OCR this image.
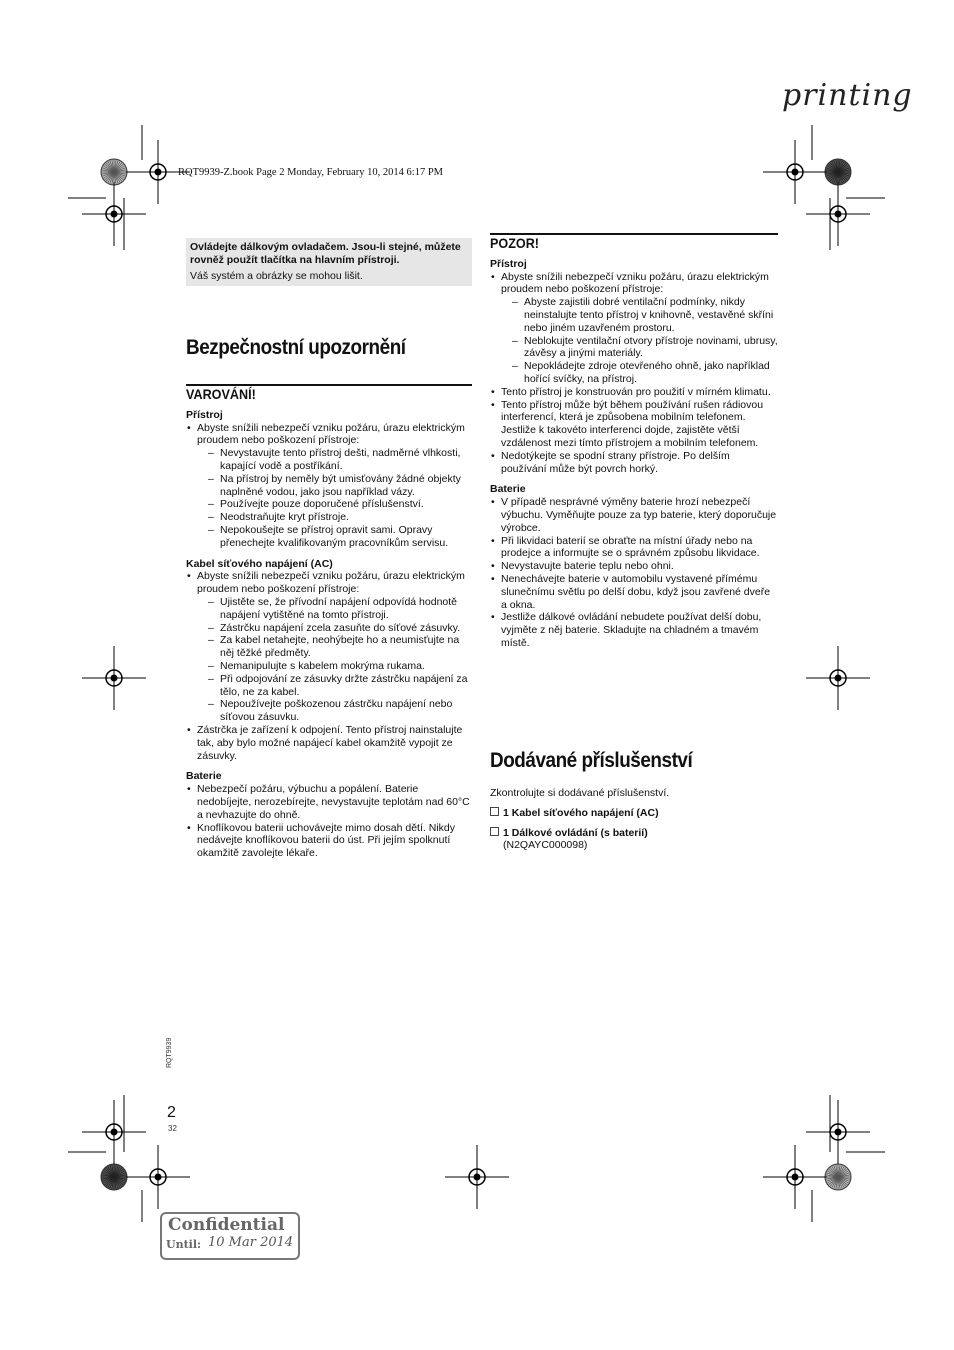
printing
RQT9939-Z.book Page 2 Monday, February 10, 2014 6:17 PM
Ovládejte dálkovým ovladačem. Jsou-li stejné, můžete rovněž použít tlačítka na hlavním přístroji.
Váš systém a obrázky se mohou lišit.
Bezpečnostní upozornění
VAROVÁNÍ!
Přístroj
• Abyste snížili nebezpečí vzniku požáru, úrazu elektrickým proudem nebo poškození přístroje:
– Nevystavujte tento přístroj dešti, nadměrné vlhkosti, kapající vodě a postříkání.
– Na přístroj by neměly být umisťovány žádné objekty naplněné vodou, jako jsou například vázy.
– Používejte pouze doporučené příslušenství.
– Neodstraňujte kryt přístroje.
– Nepokoušejte se přístroj opravit sami. Opravy přenechejte kvalifikovaným pracovníkům servisu.
Kabel síťového napájení (AC)
• Abyste snížili nebezpečí vzniku požáru, úrazu elektrickým proudem nebo poškození přístroje:
– Ujistěte se, že přívodní napájení odpovídá hodnotě napájení vytištěné na tomto přístroji.
– Zástrčku napájení zcela zasuňte do síťové zásuvky.
– Za kabel netahejte, neohýbejte ho a neumisťujte na něj těžké předměty.
– Nemanipulujte s kabelem mokrýma rukama.
– Při odpojování ze zásuvky držte zástrčku napájení za tělo, ne za kabel.
– Nepoužívejte poškozenou zástrčku napájení nebo síťovou zásuvku.
• Zástrčka je zařízení k odpojení. Tento přístroj nainstalujte tak, aby bylo možné napájecí kabel okamžitě vypojit ze zásuvky.
Baterie
• Nebezpečí požáru, výbuchu a popálení. Baterie nedobíjejte, nerozebírejte, nevystavujte teplotám nad 60°C a nevhazujte do ohně.
• Knoflíkovou baterii uchovávejte mimo dosah dětí. Nikdy nedávejte knoflíkovou baterii do úst. Při jejím spolknutí okamžitě zavolejte lékaře.
POZOR!
Přístroj
• Abyste snížili nebezpečí vzniku požáru, úrazu elektrickým proudem nebo poškození přístroje:
– Abyste zajistili dobré ventilační podmínky, nikdy neinstalujte tento přístroj v knihovně, vestavěné skříni nebo jiném uzavřeném prostoru.
– Neblokujte ventilační otvory přístroje novinami, ubrusy, závěsy a jinými materiály.
– Nepokládejte zdroje otevřeného ohně, jako například hořící svíčky, na přístroj.
• Tento přístroj je konstruován pro použití v mírném klimatu.
• Tento přístroj může být během používání rušen rádiovou interferencí, která je způsobena mobilním telefonem. Jestliže k takovéto interferenci dojde, zajistěte větší vzdálenost mezi tímto přístrojem a mobilním telefonem.
• Nedotýkejte se spodní strany přístroje. Po delším používání může být povrch horký.
Baterie
• V případě nesprávné výměny baterie hrozí nebezpečí výbuchu. Vyměňujte pouze za typ baterie, který doporučuje výrobce.
• Při likvidaci baterií se obraťte na místní úřady nebo na prodejce a informujte se o správném způsobu likvidace.
• Nevystavujte baterie teplu nebo ohni.
• Nenechávejte baterie v automobilu vystavené přímému slunečnímu světlu po delší dobu, když jsou zavřené dveře a okna.
• Jestliže dálkové ovládání nebudete používat delší dobu, vyjměte z něj baterie. Skladujte na chladném a tmavém místě.
Dodávané příslušenství
Zkontrolujte si dodávané příslušenství.
1 Kabel síťového napájení (AC)
1 Dálkové ovládání (s baterií)
(N2QAYC000098)
RQT9939
2
32
Confidential
Until: 10 Mar 2014
